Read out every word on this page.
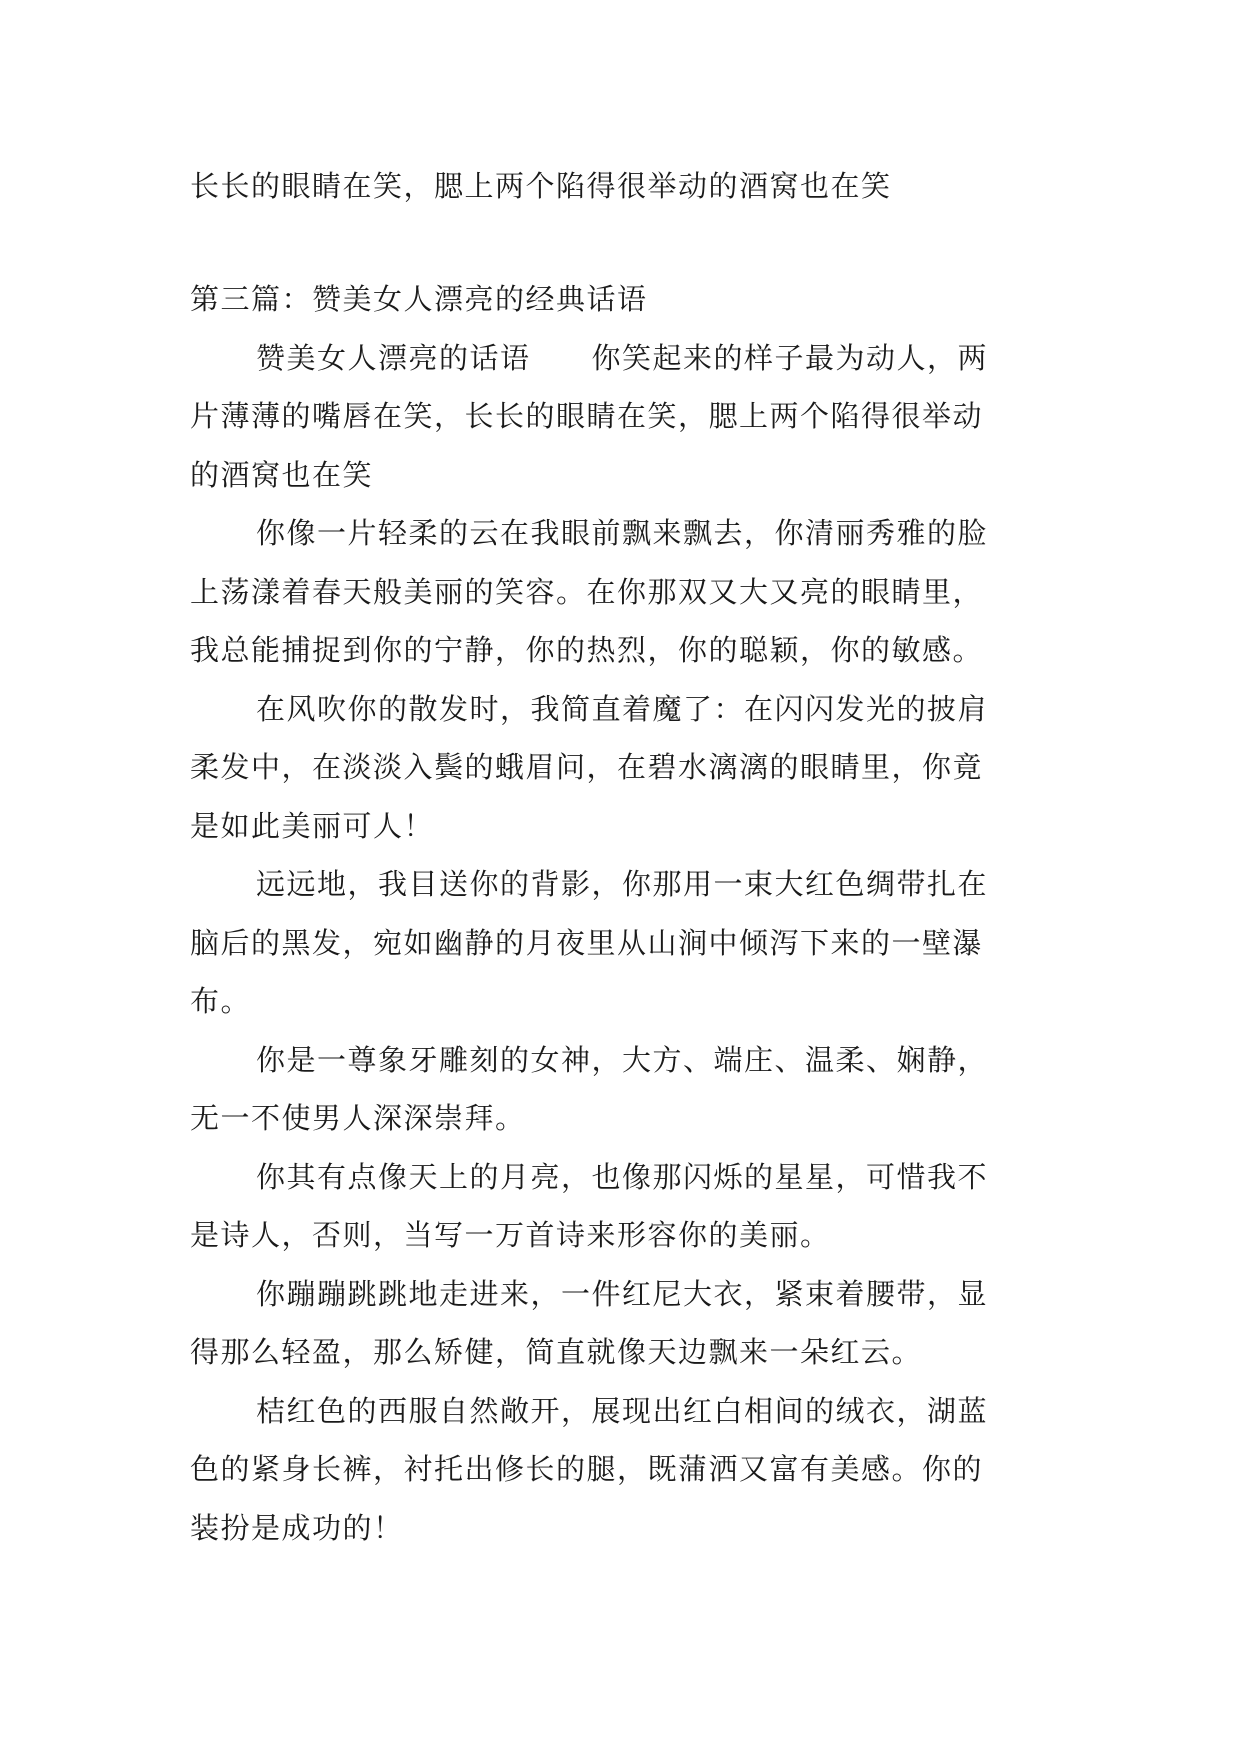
长长的眼睛在笑，腮上两个陷得很举动的酒窝也在笑
第三篇：赞美女人漂亮的经典话语
赞美女人漂亮的话语　　你笑起来的样子最为动人，两
片薄薄的嘴唇在笑，长长的眼睛在笑，腮上两个陷得很举动
的酒窝也在笑
你像一片轻柔的云在我眼前飘来飘去，你清丽秀雅的脸
上荡漾着春天般美丽的笑容。在你那双又大又亮的眼睛里，
我总能捕捉到你的宁静，你的热烈，你的聪颖，你的敏感。
在风吹你的散发时，我简直着魔了：在闪闪发光的披肩
柔发中，在淡淡入鬓的蛾眉问，在碧水漓漓的眼睛里，你竟
是如此美丽可人！
远远地，我目送你的背影，你那用一束大红色绸带扎在
脑后的黑发，宛如幽静的月夜里从山涧中倾泻下来的一壁瀑
布。
你是一尊象牙雕刻的女神，大方、端庄、温柔、娴静，
无一不使男人深深崇拜。
你其有点像天上的月亮，也像那闪烁的星星，可惜我不
是诗人，否则，当写一万首诗来形容你的美丽。
你蹦蹦跳跳地走进来，一件红尼大衣，紧束着腰带，显
得那么轻盈，那么矫健，简直就像天边飘来一朵红云。
桔红色的西服自然敞开，展现出红白相间的绒衣，湖蓝
色的紧身长裤，衬托出修长的腿，既蒲洒又富有美感。你的
装扮是成功的！
